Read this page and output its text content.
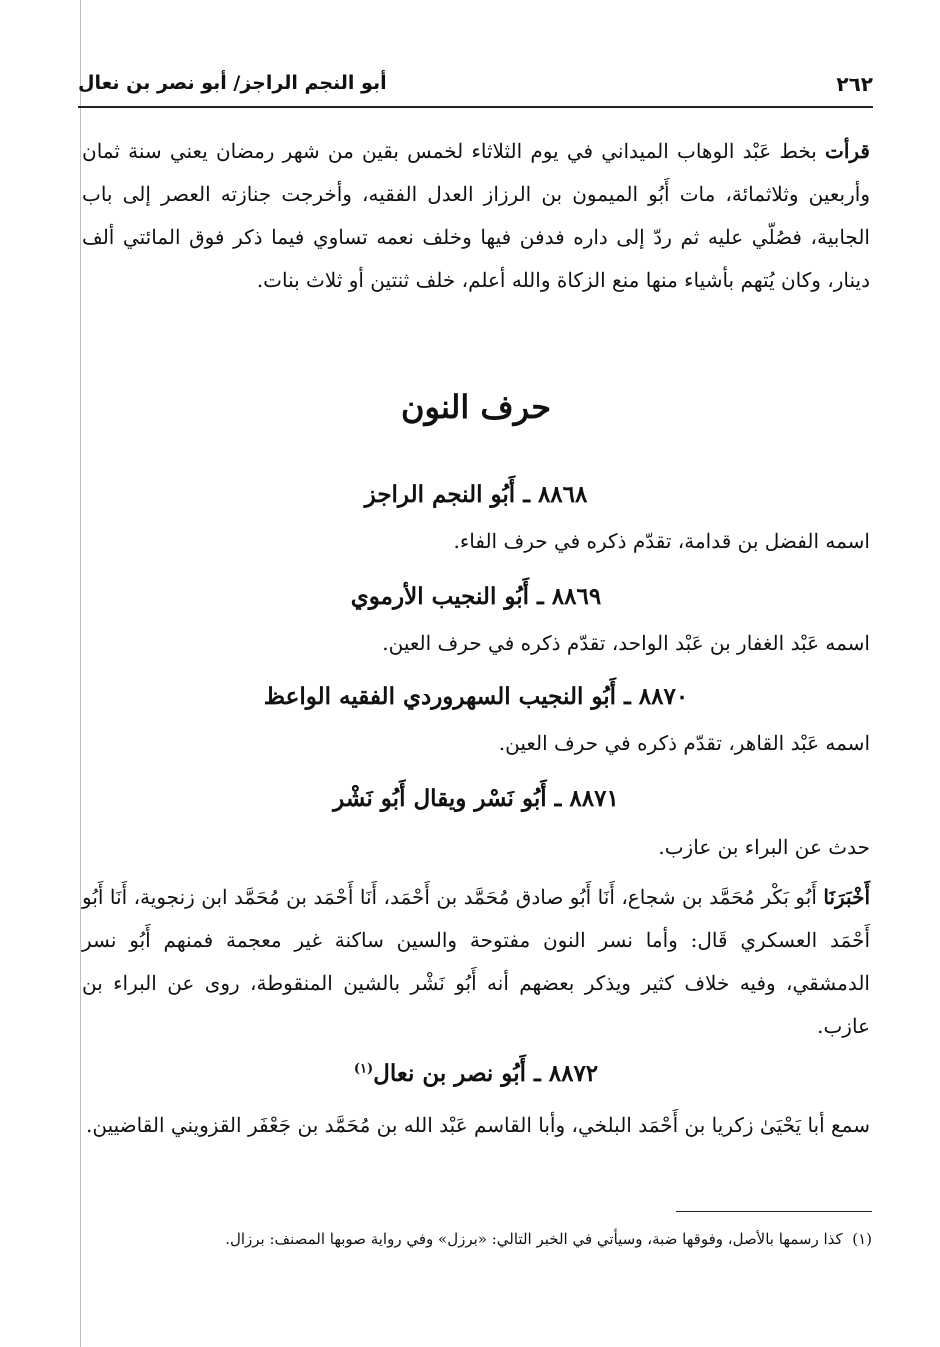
٢٦٢
أبو النجم الراجز/ أبو نصر بن نعال
قرأت بخط عَبْد الوهاب الميداني في يوم الثلاثاء لخمس بقين من شهر رمضان يعني سنة ثمان وأربعين وثلاثمائة، مات أَبُو الميمون بن الرزاز العدل الفقيه، وأخرجت جنازته العصر إلى باب الجابية، فصُلّي عليه ثم ردّ إلى داره فدفن فيها وخلف نعمه تساوي فيما ذكر فوق المائتي ألف دينار، وكان يُتهم بأشياء منها منع الزكاة والله أعلم، خلف ثنتين أو ثلاث بنات.
حرف النون
٨٨٦٨ ـ أَبُو النجم الراجز
اسمه الفضل بن قدامة، تقدّم ذكره في حرف الفاء.
٨٨٦٩ ـ أَبُو النجيب الأرموي
اسمه عَبْد الغفار بن عَبْد الواحد، تقدّم ذكره في حرف العين.
٨٨٧٠ ـ أَبُو النجيب السهروردي الفقيه الواعظ
اسمه عَبْد القاهر، تقدّم ذكره في حرف العين.
٨٨٧١ ـ أَبُو نَسْر ويقال أَبُو نَشْر
حدث عن البراء بن عازب.
أَخْبَرَنَا أَبُو بَكْر مُحَمَّد بن شجاع، أَنَا أَبُو صادق مُحَمَّد بن أَحْمَد، أَنَا أَحْمَد بن مُحَمَّد ابن زنجوية، أَنَا أَبُو أَحْمَد العسكري قَال: وأما نسر النون مفتوحة والسين ساكنة غير معجمة فمنهم أَبُو نسر الدمشقي، وفيه خلاف كثير ويذكر بعضهم أنه أَبُو نَشْر بالشين المنقوطة، روى عن البراء بن عازب.
٨٨٧٢ ـ أَبُو نصر بن نعال$^{(١)}$
سمع أبا يَحْيَىٰ زكريا بن أَحْمَد البلخي، وأبا القاسم عَبْد الله بن مُحَمَّد بن جَعْفَر القزويني القاضيين.
(١)  كذا رسمها بالأصل، وفوقها ضبة، وسيأتي في الخبر التالي: «برزل» وفي رواية صوبها المصنف: برزال.
